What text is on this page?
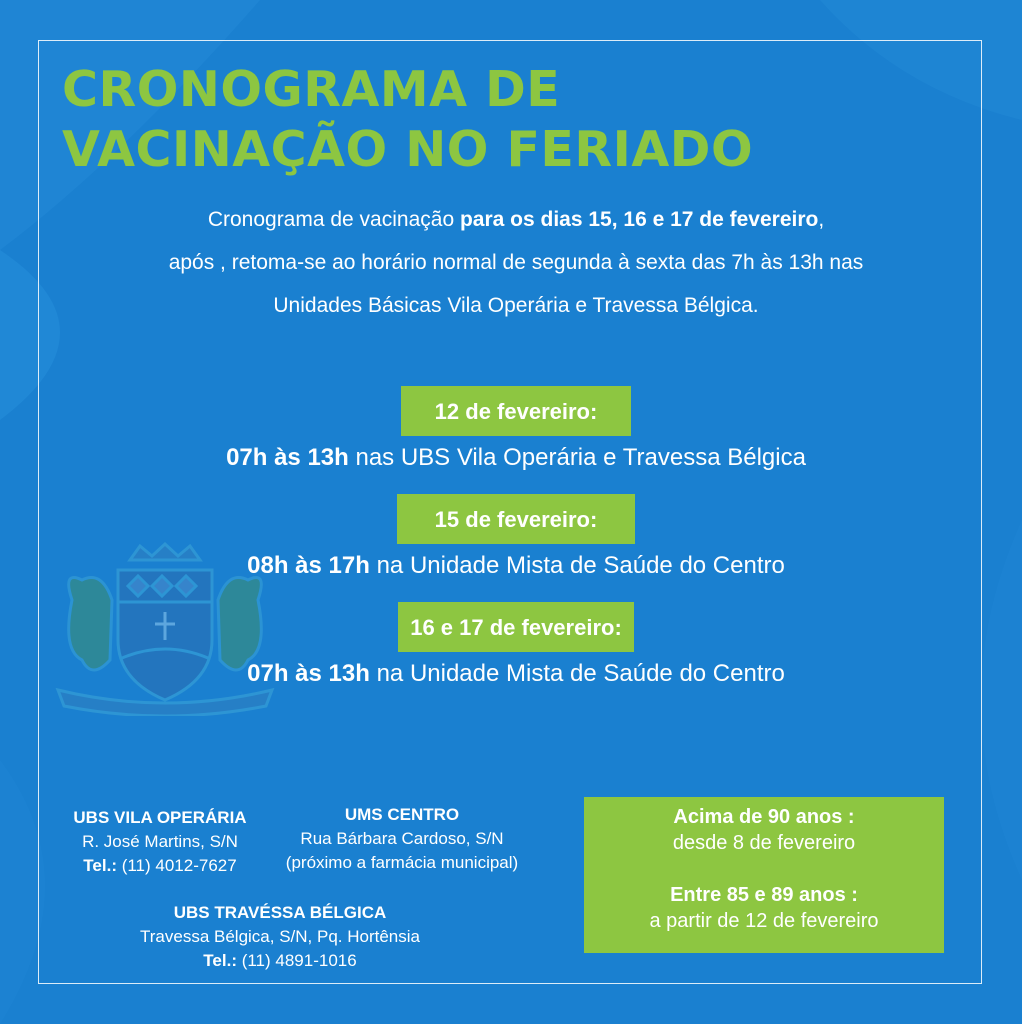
CRONOGRAMA DE
VACINAÇÃO NO FERIADO

Cronograma de vacinação para os dias 15, 16 e 17 de fevereiro,
após , retoma-se ao horário normal de segunda à sexta das 7h às 13h nas
Unidades Básicas Vila Operária e Travessa Bélgica.

12 de fevereiro:
07h às 13h nas UBS Vila Operária e Travessa Bélgica
15 de fevereiro:
08h às 17h na Unidade Mista de Saúde do Centro
16 e 17 de fevereiro:
07h às 13h na Unidade Mista de Saúde do Centro
UBS VILA OPERÁRIA
R. José Martins, S/N
Tel.: (11) 4012-7627
UMS CENTRO
Rua Bárbara Cardoso, S/N
(próximo a farmácia municipal)
UBS TRAVÉSSA BÉLGICA
Travessa Bélgica, S/N, Pq. Hortênsia
Tel.: (11) 4891-1016
Acima de 90 anos :
desde 8 de fevereiro
Entre 85 e 89 anos :
a partir de 12 de fevereiro
